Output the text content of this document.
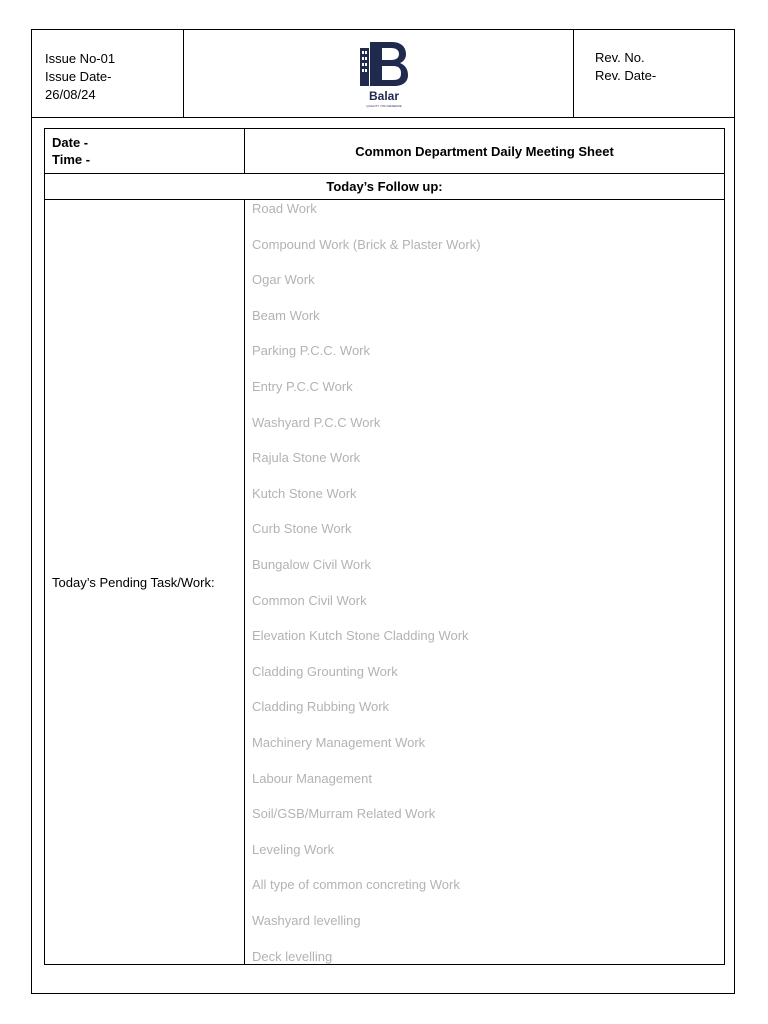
Issue No-01
Issue Date-
26/08/24	Balar
QUALITY YOU DESERVE
Rev. No.
Rev. Date-
Date -
Time -
Common Department Daily Meeting Sheet
Today’s Follow up:
Today’s Pending Task/Work:
Road Work
Compound Work (Brick & Plaster Work)
Ogar Work
Beam Work
Parking P.C.C. Work
Entry P.C.C Work
Washyard P.C.C Work
Rajula Stone Work
Kutch Stone Work
Curb Stone Work
Bungalow Civil Work
Common Civil Work
Elevation Kutch Stone Cladding Work
Cladding Grounting Work
Cladding Rubbing Work
Machinery Management Work
Labour Management
Soil/GSB/Murram Related Work
Leveling Work
All type of common concreting Work
Washyard levelling
Deck levelling
